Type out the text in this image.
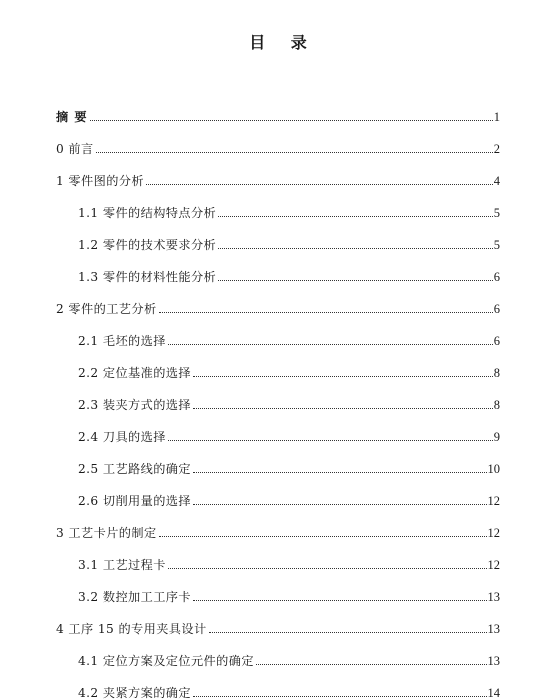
目 录
摘 要	1
0 前言	2
1 零件图的分析	4
1.1 零件的结构特点分析	5
1.2 零件的技术要求分析	5
1.3 零件的材料性能分析	6
2 零件的工艺分析	6
2.1 毛坯的选择	6
2.2 定位基准的选择	8
2.3 装夹方式的选择	8
2.4 刀具的选择	9
2.5 工艺路线的确定	10
2.6 切削用量的选择	12
3 工艺卡片的制定	12
3.1 工艺过程卡	12
3.2 数控加工工序卡	13
4 工序 15 的专用夹具设计	13
4.1 定位方案及定位元件的确定	13
4.2 夹紧方案的确定	14
